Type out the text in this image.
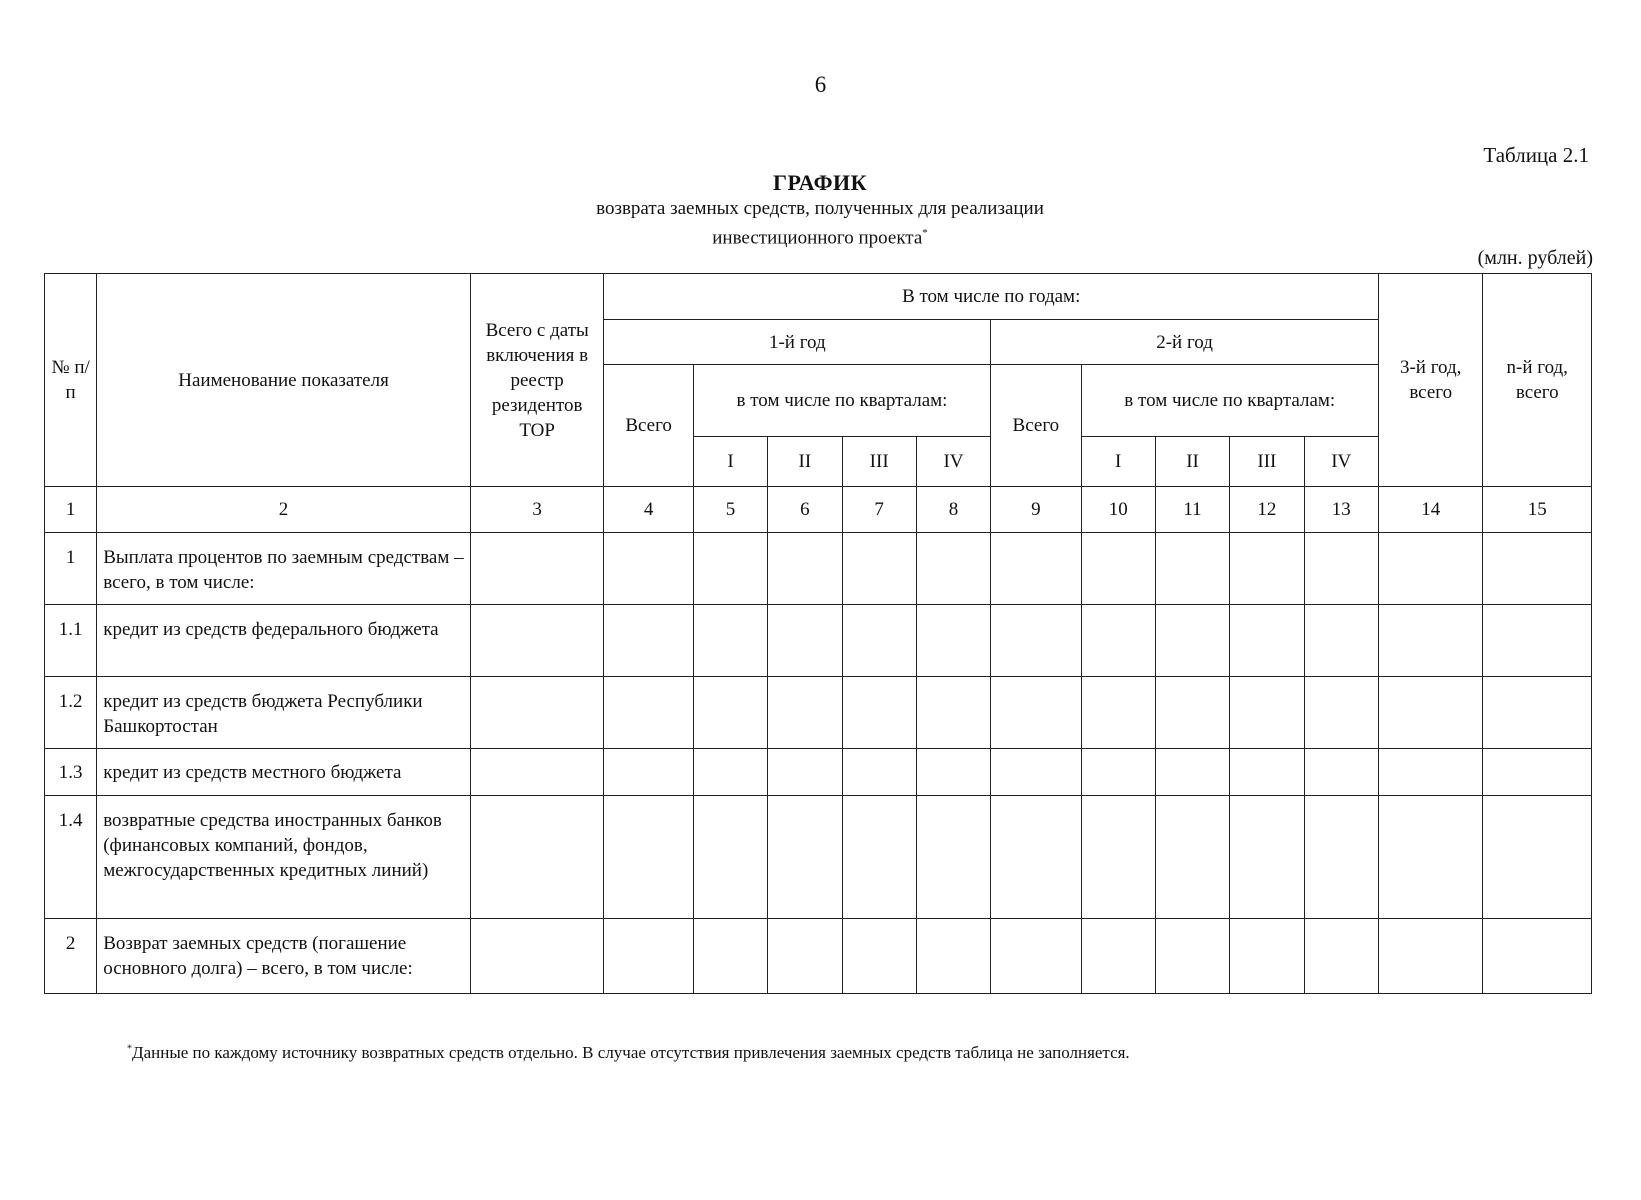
6
Таблица 2.1
ГРАФИК
возврата заемных средств, полученных для реализации
инвестиционного проекта*
(млн. рублей)
№ п/п	Наименование показателя	Всего с даты включения в реестр резидентов ТОР	В том числе по годам:										3-й год, всего	n-й год, всего
			1-й год					2-й год						
			Всего	в том числе по кварталам:				Всего	в том числе по кварталам:					
				I	II	III	IV		I	II	III	IV		
1	2	3	4	5	6	7	8	9	10	11	12	13	14	15
1	Выплата процентов по заемным средствам – всего, в том числе:													
1.1	кредит из средств федерального бюджета													
1.2	кредит из средств бюджета Республики Башкортостан													
1.3	кредит из средств местного бюджета													
1.4	возвратные средства иностранных банков (финансовых компаний, фондов, межгосударственных кредитных линий)													
2	Возврат заемных средств (погашение основного долга) – всего, в том числе:													
*Данные по каждому источнику возвратных средств отдельно. В случае отсутствия привлечения заемных средств таблица не заполняется.
